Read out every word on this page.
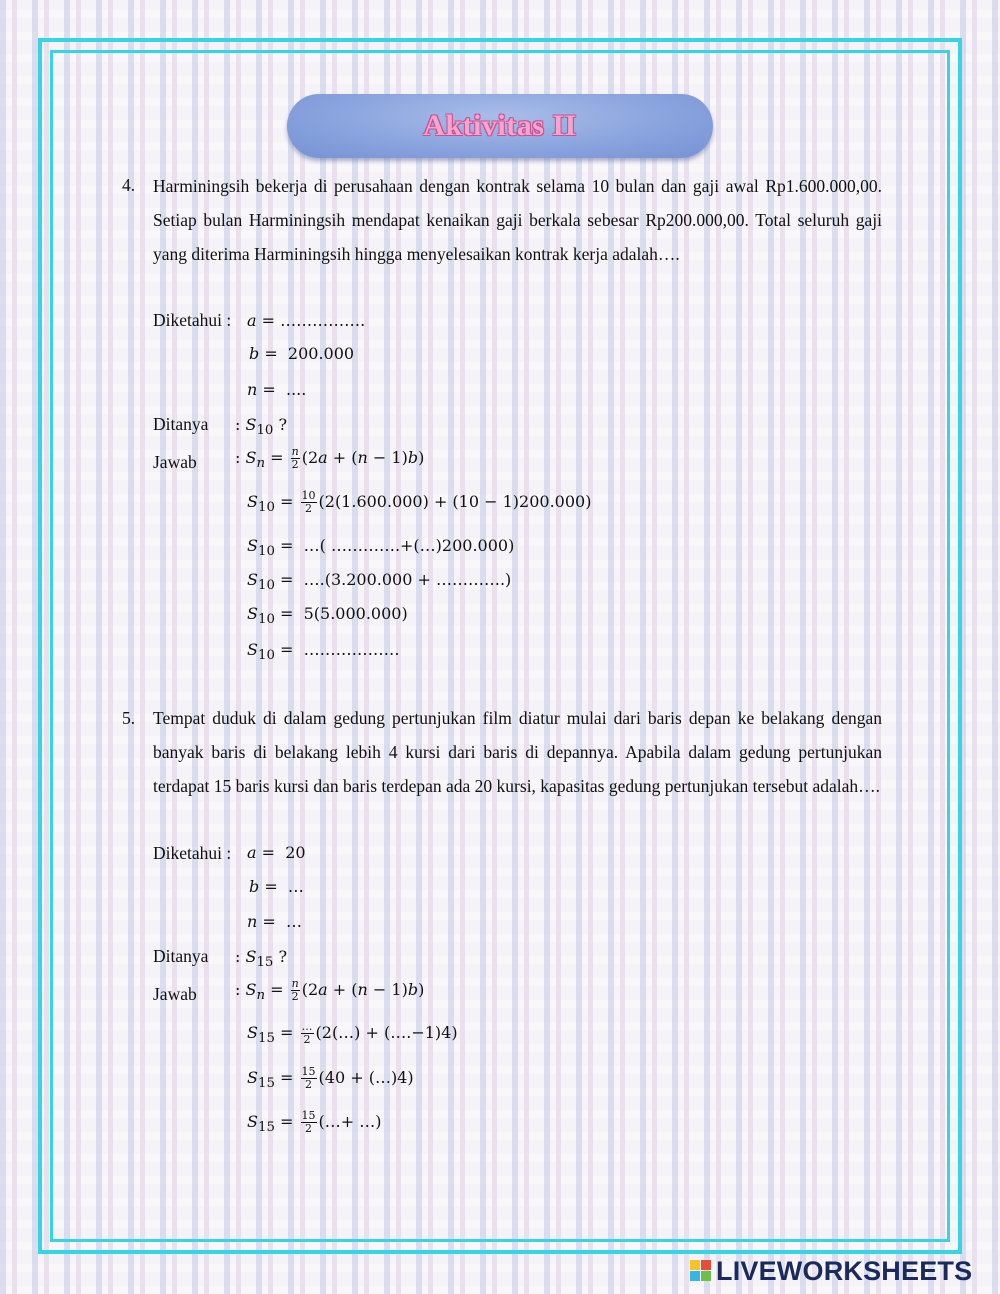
Aktivitas II
4. Harminingsih bekerja di perusahaan dengan kontrak selama 10 bulan dan gaji awal Rp1.600.000,00. Setiap bulan Harminingsih mendapat kenaikan gaji berkala sebesar Rp200.000,00. Total seluruh gaji yang diterima Harminingsih hingga menyelesaikan kontrak kerja adalah….
Diketahui : a = …………….
b =  200.000
n =  ....
Ditanya : $S_{10}$ ?
Jawab : $S_n = \frac{n}{2} (2a + (n - 1)b)$
$S_{10} = \frac{10}{2} (2(1.600.000) + (10 - 1)200.000)$
$S_{10}$ =  …( ………….+(…)200.000)
$S_{10}$ =  ….(3.200.000 + ………….)
$S_{10} = 5(5.000.000)$
$S_{10}$ =  ………………
5. Tempat duduk di dalam gedung pertunjukan film diatur mulai dari baris depan ke belakang dengan banyak baris di belakang lebih 4 kursi dari baris di depannya. Apabila dalam gedung pertunjukan terdapat 15 baris kursi dan baris terdepan ada 20 kursi, kapasitas gedung pertunjukan tersebut adalah….
Diketahui : a =  20
b =  …
n =  …
Ditanya : $S_{15}$ ?
Jawab : $S_n = \frac{n}{2} (2a + (n - 1)b)$
$S_{15} = \frac{\dots}{2}$ (2(…) + (….−1)4)
$S_{15} = \frac{15}{2} (40$ + (…)4)
$S_{15} = \frac{15}{2}$ (…+ …)
LIVEWORKSHEETS
